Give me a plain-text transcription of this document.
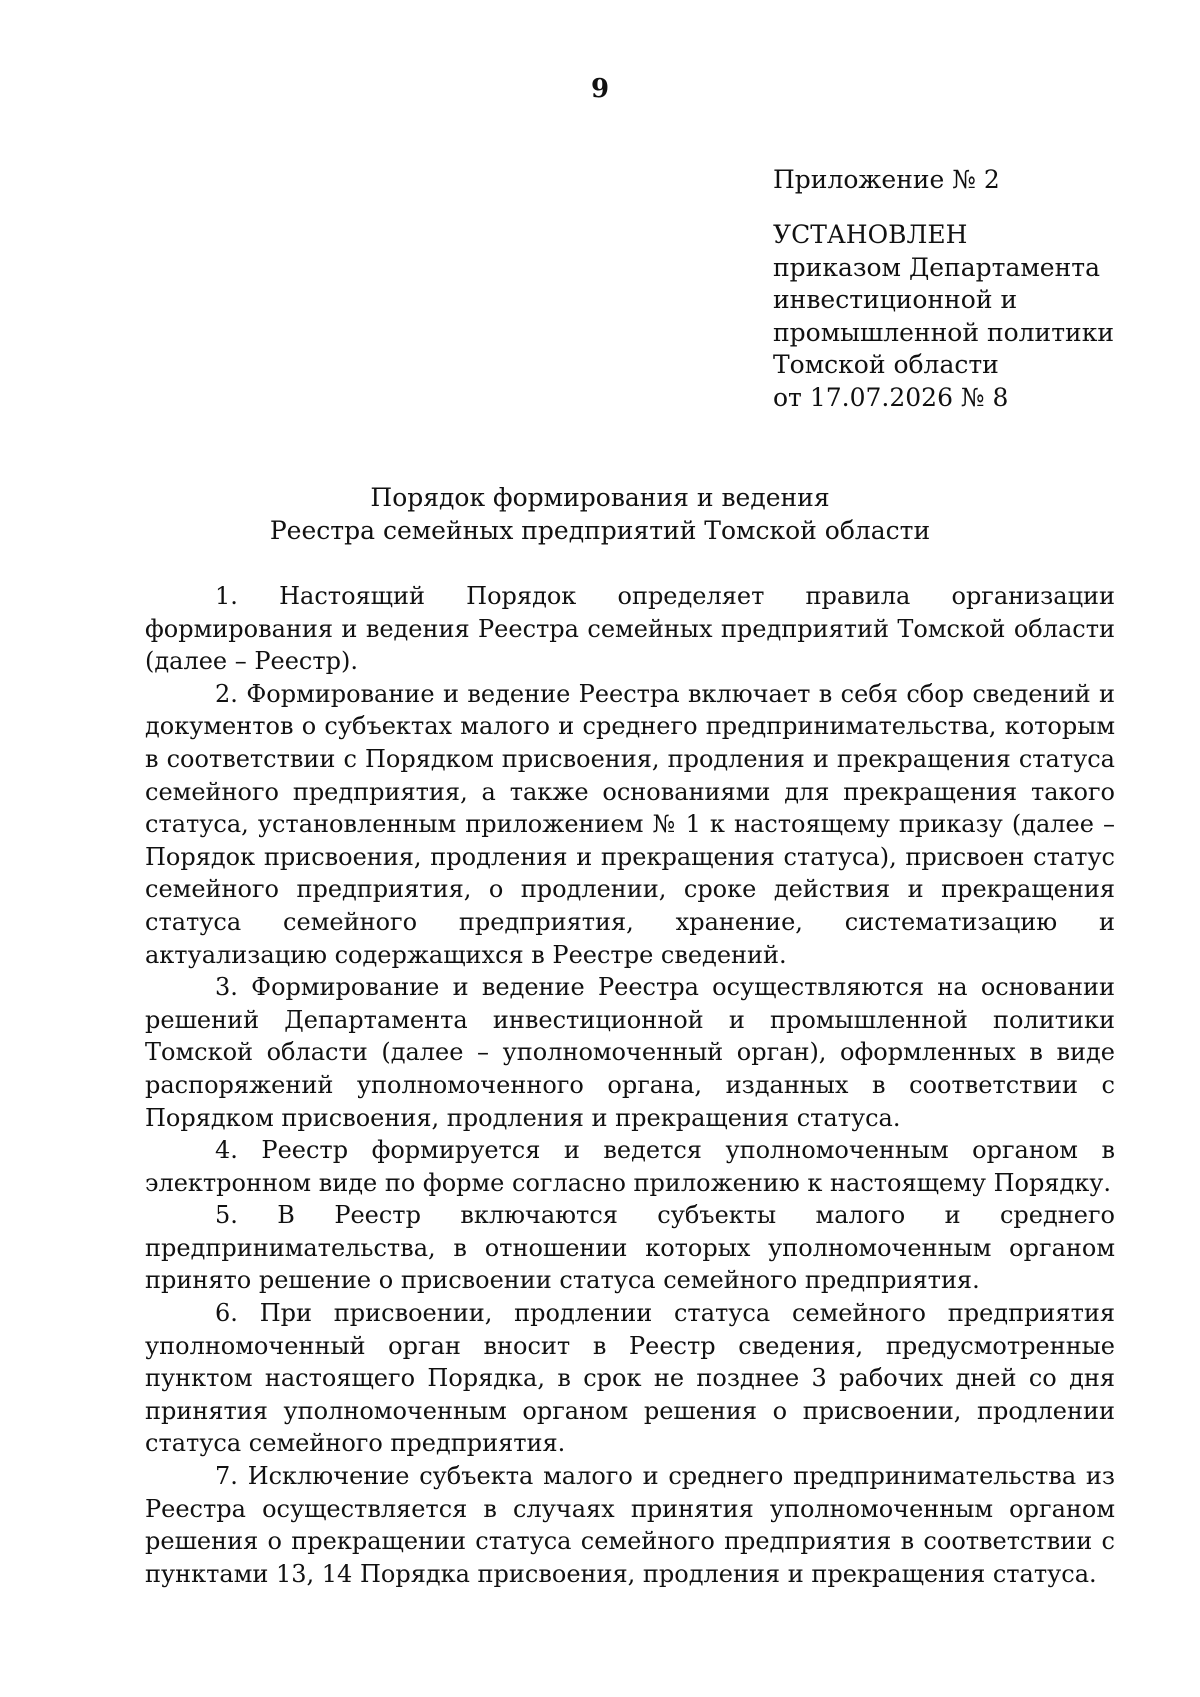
9
Приложение № 2
УСТАНОВЛЕН
приказом Департамента
инвестиционной и
промышленной политики
Томской области
от 17.07.2026 № 8
Порядок формирования и ведения
Реестра семейных предприятий Томской области

1. Настоящий Порядок определяет правила организации формирования и ведения Реестра семейных предприятий Томской области (далее – Реестр).

2. Формирование и ведение Реестра включает в себя сбор сведений и документов о субъектах малого и среднего предпринимательства, которым в соответствии с Порядком присвоения, продления и прекращения статуса семейного предприятия, а также основаниями для прекращения такого статуса, установленным приложением № 1 к настоящему приказу (далее – Порядок присвоения, продления и прекращения статуса), присвоен статус семейного предприятия, о продлении, сроке действия и прекращения статуса семейного предприятия, хранение, систематизацию и актуализацию содержащихся в Реестре сведений.

3. Формирование и ведение Реестра осуществляются на основании решений Департамента инвестиционной и промышленной политики Томской области (далее – уполномоченный орган), оформленных в виде распоряжений уполномоченного органа, изданных в соответствии с Порядком присвоения, продления и прекращения статуса.

4. Реестр формируется и ведется уполномоченным органом в электронном виде по форме согласно приложению к настоящему Порядку.

5. В Реестр включаются субъекты малого и среднего предпринимательства, в отношении которых уполномоченным органом принято решение о присвоении статуса семейного предприятия.

6. При присвоении, продлении статуса семейного предприятия уполномоченный орган вносит в Реестр сведения, предусмотренные пунктом настоящего Порядка, в срок не позднее 3 рабочих дней со дня принятия уполномоченным органом решения о присвоении, продлении статуса семейного предприятия.

7. Исключение субъекта малого и среднего предпринимательства из Реестра осуществляется в случаях принятия уполномоченным органом решения о прекращении статуса семейного предприятия в соответствии с пунктами 13, 14 Порядка присвоения, продления и прекращения статуса.
